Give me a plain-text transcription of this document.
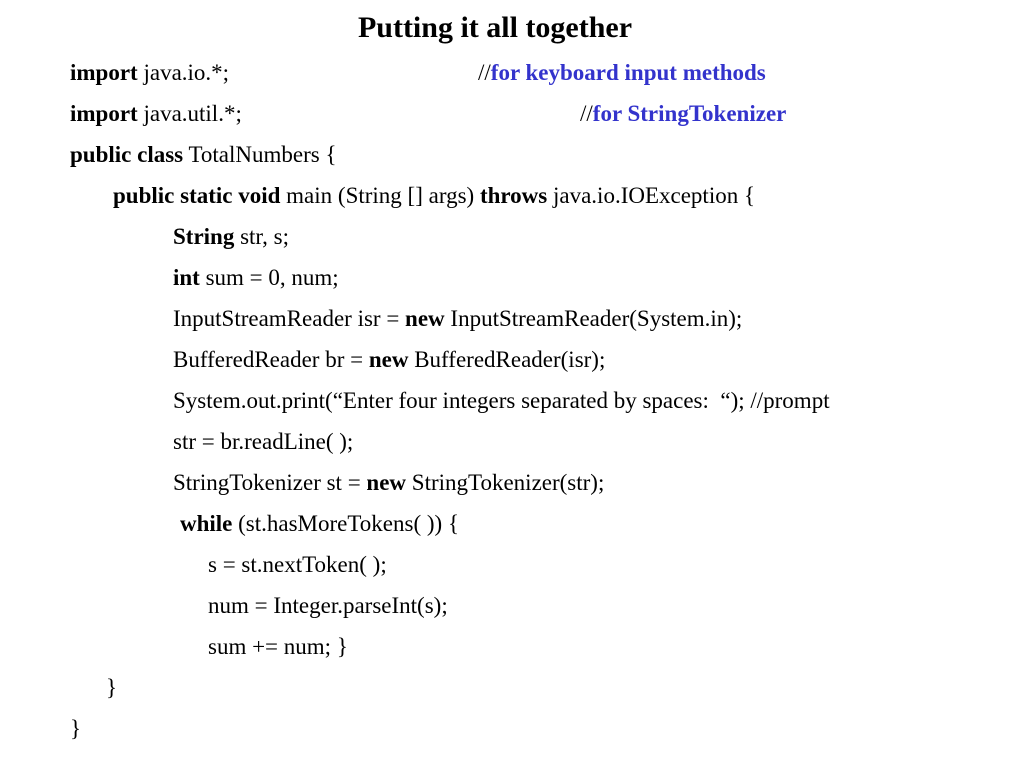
Putting it all together
import java.io.*;	//for keyboard input methods
import java.util.*;	//for StringTokenizer
public class TotalNumbers {
public static void main (String [] args) throws java.io.IOException {
String str, s;
int sum = 0, num;
InputStreamReader isr = new InputStreamReader(System.in);
BufferedReader br = new BufferedReader(isr);
System.out.print(“Enter four integers separated by spaces:  “); //prompt
str = br.readLine( );
StringTokenizer st = new StringTokenizer(str);
while (st.hasMoreTokens( )) {
s = st.nextToken( );
num = Integer.parseInt(s);
sum += num; }
}
}
